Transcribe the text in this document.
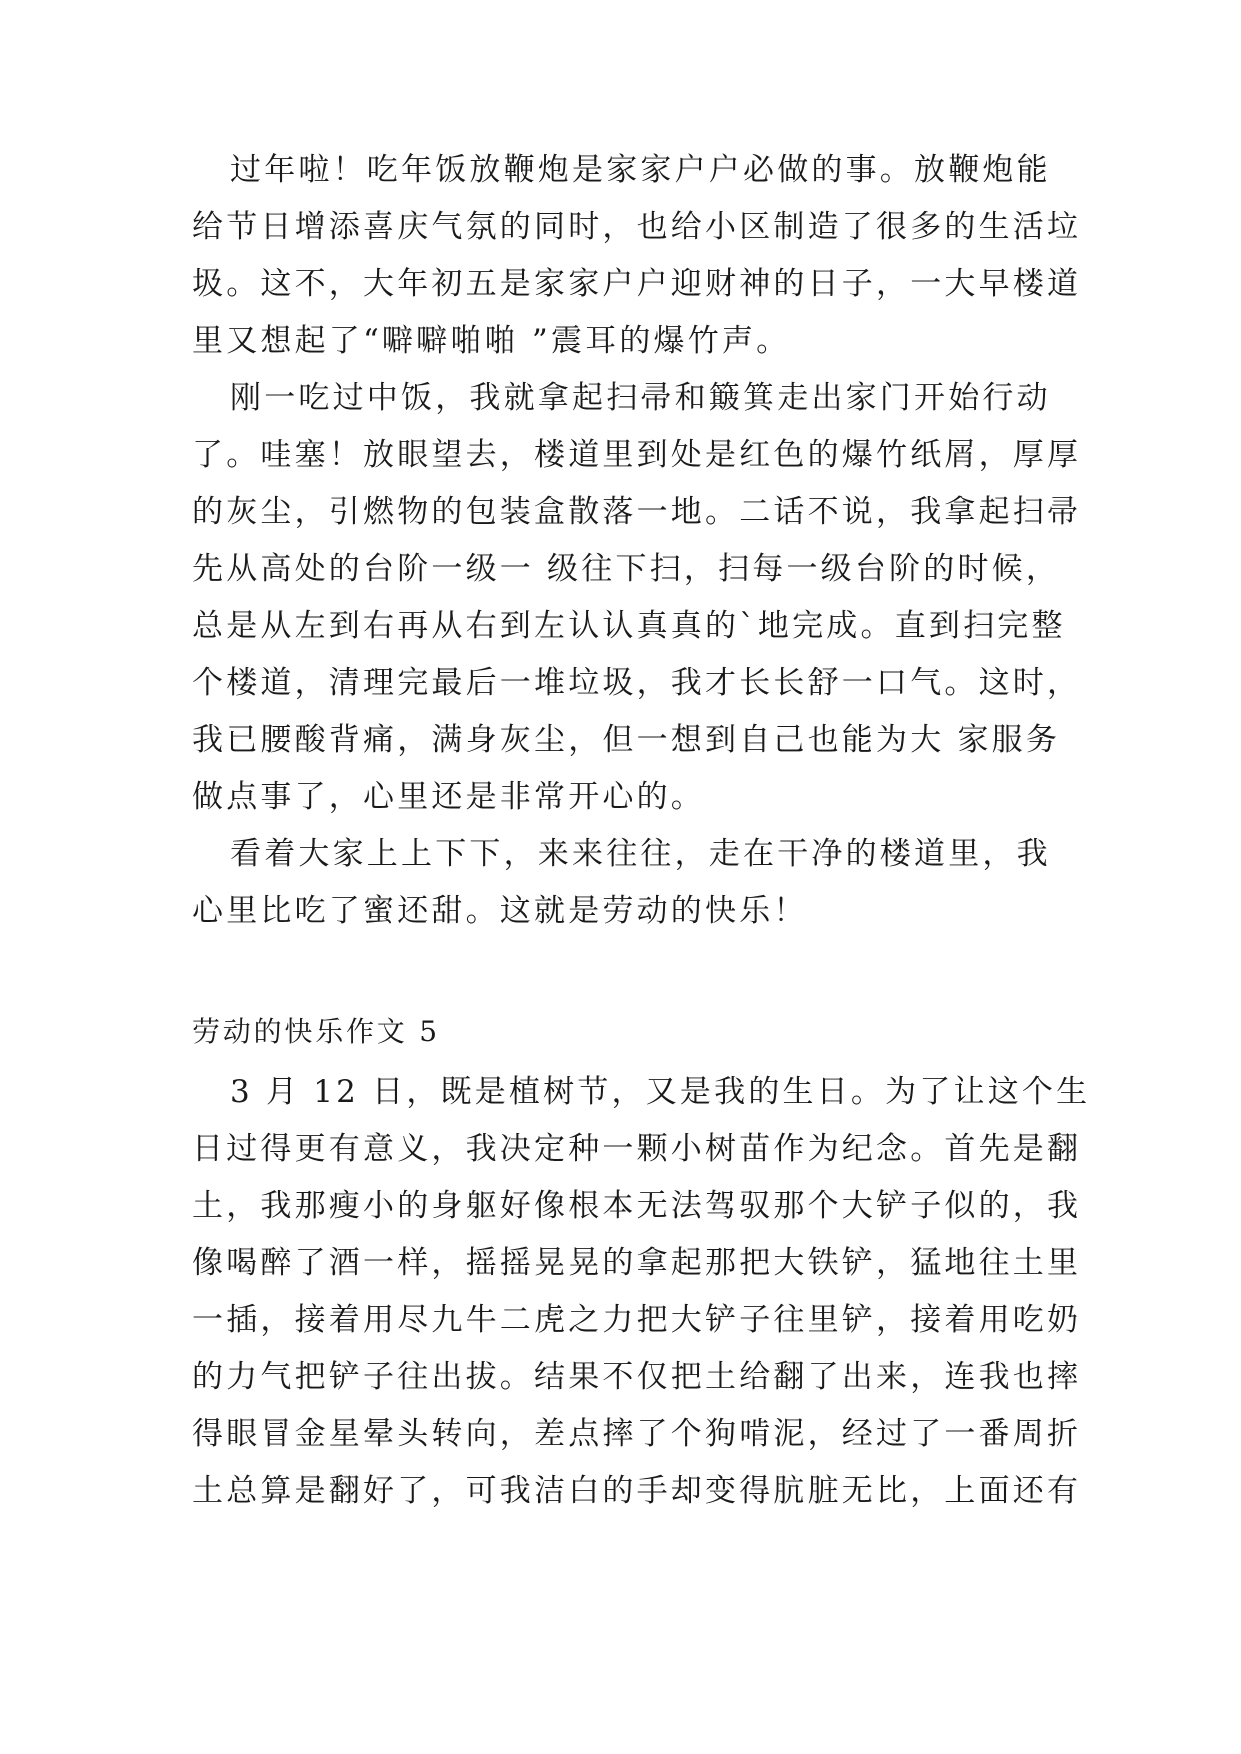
过年啦！吃年饭放鞭炮是家家户户必做的事。放鞭炮能
给节日增添喜庆气氛的同时，也给小区制造了很多的生活垃
圾。这不，大年初五是家家户户迎财神的日子，一大早楼道
里又想起了“噼噼啪啪 ”震耳的爆竹声。
刚一吃过中饭，我就拿起扫帚和簸箕走出家门开始行动
了。哇塞！放眼望去，楼道里到处是红色的爆竹纸屑，厚厚
的灰尘，引燃物的包装盒散落一地。二话不说，我拿起扫帚
先从高处的台阶一级一 级往下扫，扫每一级台阶的时候，
总是从左到右再从右到左认认真真的`地完成。直到扫完整
个楼道，清理完最后一堆垃圾，我才长长舒一口气。这时，
我已腰酸背痛，满身灰尘，但一想到自己也能为大 家服务
做点事了，心里还是非常开心的。
看着大家上上下下，来来往往，走在干净的楼道里，我
心里比吃了蜜还甜。这就是劳动的快乐！
劳动的快乐作文 5
3 月 12 日，既是植树节，又是我的生日。为了让这个生
日过得更有意义，我决定种一颗小树苗作为纪念。首先是翻
土，我那瘦小的身躯好像根本无法驾驭那个大铲子似的，我
像喝醉了酒一样，摇摇晃晃的拿起那把大铁铲，猛地往土里
一插，接着用尽九牛二虎之力把大铲子往里铲，接着用吃奶
的力气把铲子往出拔。结果不仅把土给翻了出来，连我也摔
得眼冒金星晕头转向，差点摔了个狗啃泥，经过了一番周折
土总算是翻好了，可我洁白的手却变得肮脏无比，上面还有
